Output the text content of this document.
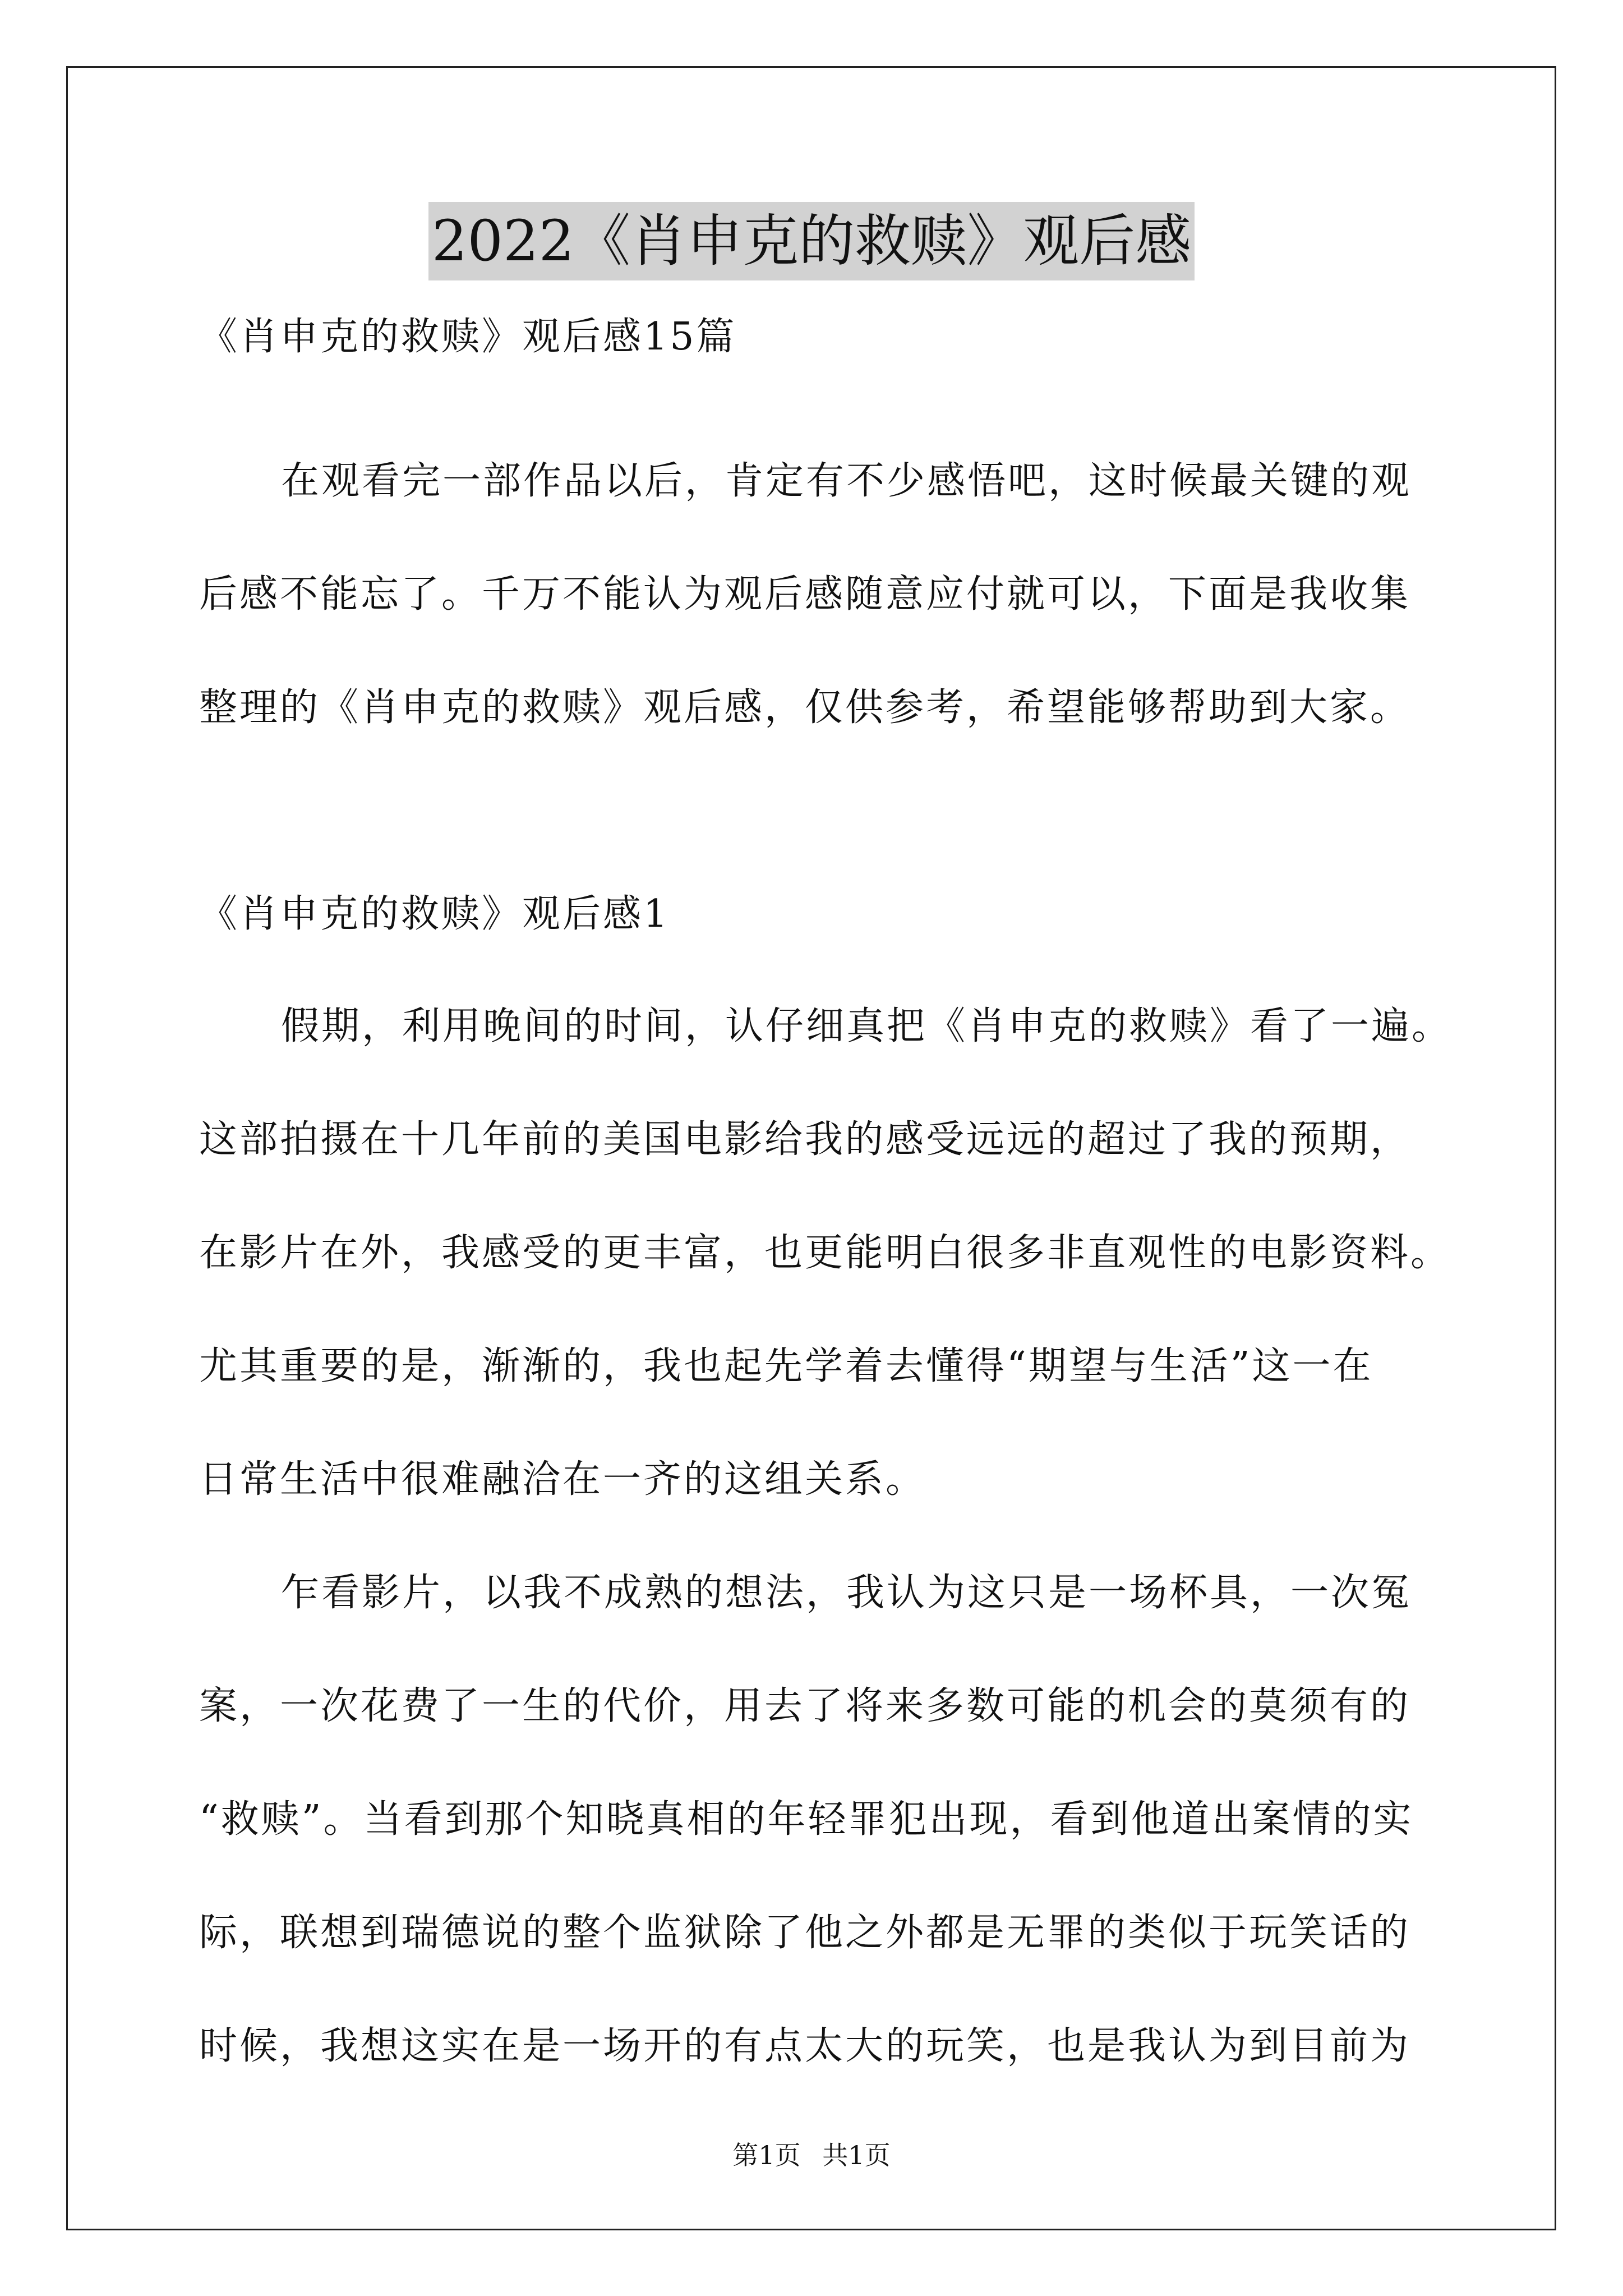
2022《肖申克的救赎》观后感
《肖申克的救赎》观后感15篇
在观看完一部作品以后，肯定有不少感悟吧，这时候最关键的观
后感不能忘了。千万不能认为观后感随意应付就可以，下面是我收集
整理的《肖申克的救赎》观后感，仅供参考，希望能够帮助到大家。
《肖申克的救赎》观后感1
假期，利用晚间的时间，认仔细真把《肖申克的救赎》看了一遍。
这部拍摄在十几年前的美国电影给我的感受远远的超过了我的预期，
在影片在外，我感受的更丰富，也更能明白很多非直观性的电影资料。
尤其重要的是，渐渐的，我也起先学着去懂得“期望与生活”这一在
日常生活中很难融洽在一齐的这组关系。
乍看影片，以我不成熟的想法，我认为这只是一场杯具，一次冤
案，一次花费了一生的代价，用去了将来多数可能的机会的莫须有的
“救赎”。当看到那个知晓真相的年轻罪犯出现，看到他道出案情的实
际，联想到瑞德说的整个监狱除了他之外都是无罪的类似于玩笑话的
时候，我想这实在是一场开的有点太大的玩笑，也是我认为到目前为
第1页 共1页
